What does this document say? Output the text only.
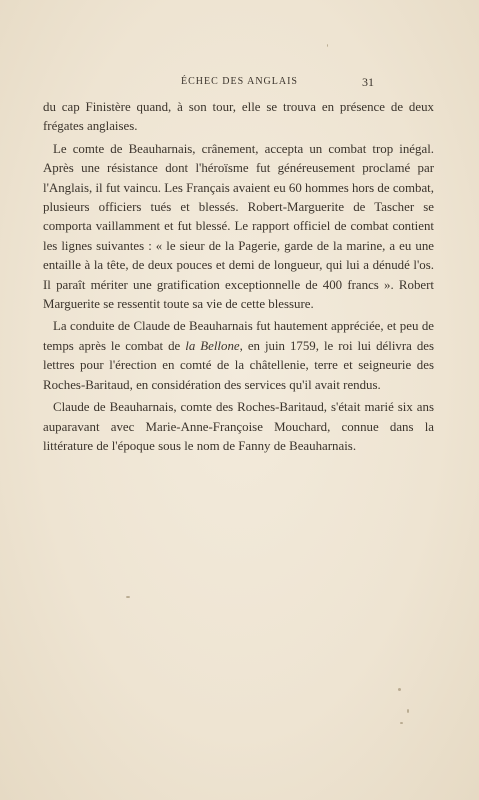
ÉCHEC DES ANGLAIS	31

du cap Finistère quand, à son tour, elle se trouva en présence de deux frégates anglaises.

Le comte de Beauharnais, crânement, accepta un combat trop inégal. Après une résistance dont l'héroïsme fut généreusement proclamé par l'Anglais, il fut vaincu. Les Français avaient eu 60 hommes hors de combat, plusieurs officiers tués et blessés. Robert-Marguerite de Tascher se comporta vaillamment et fut blessé. Le rapport officiel de combat contient les lignes suivantes : « le sieur de la Pagerie, garde de la marine, a eu une entaille à la tête, de deux pouces et demi de longueur, qui lui a dénudé l'os. Il paraît mériter une gratification exceptionnelle de 400 francs ». Robert Marguerite se ressentit toute sa vie de cette blessure.

La conduite de Claude de Beauharnais fut hautement appréciée, et peu de temps après le combat de la Bellone, en juin 1759, le roi lui délivra des lettres pour l'érection en comté de la châtellenie, terre et seigneurie des Roches-Baritaud, en considération des services qu'il avait rendus.

Claude de Beauharnais, comte des Roches-Baritaud, s'était marié six ans auparavant avec Marie-Anne-Françoise Mouchard, connue dans la littérature de l'époque sous le nom de Fanny de Beauharnais.
